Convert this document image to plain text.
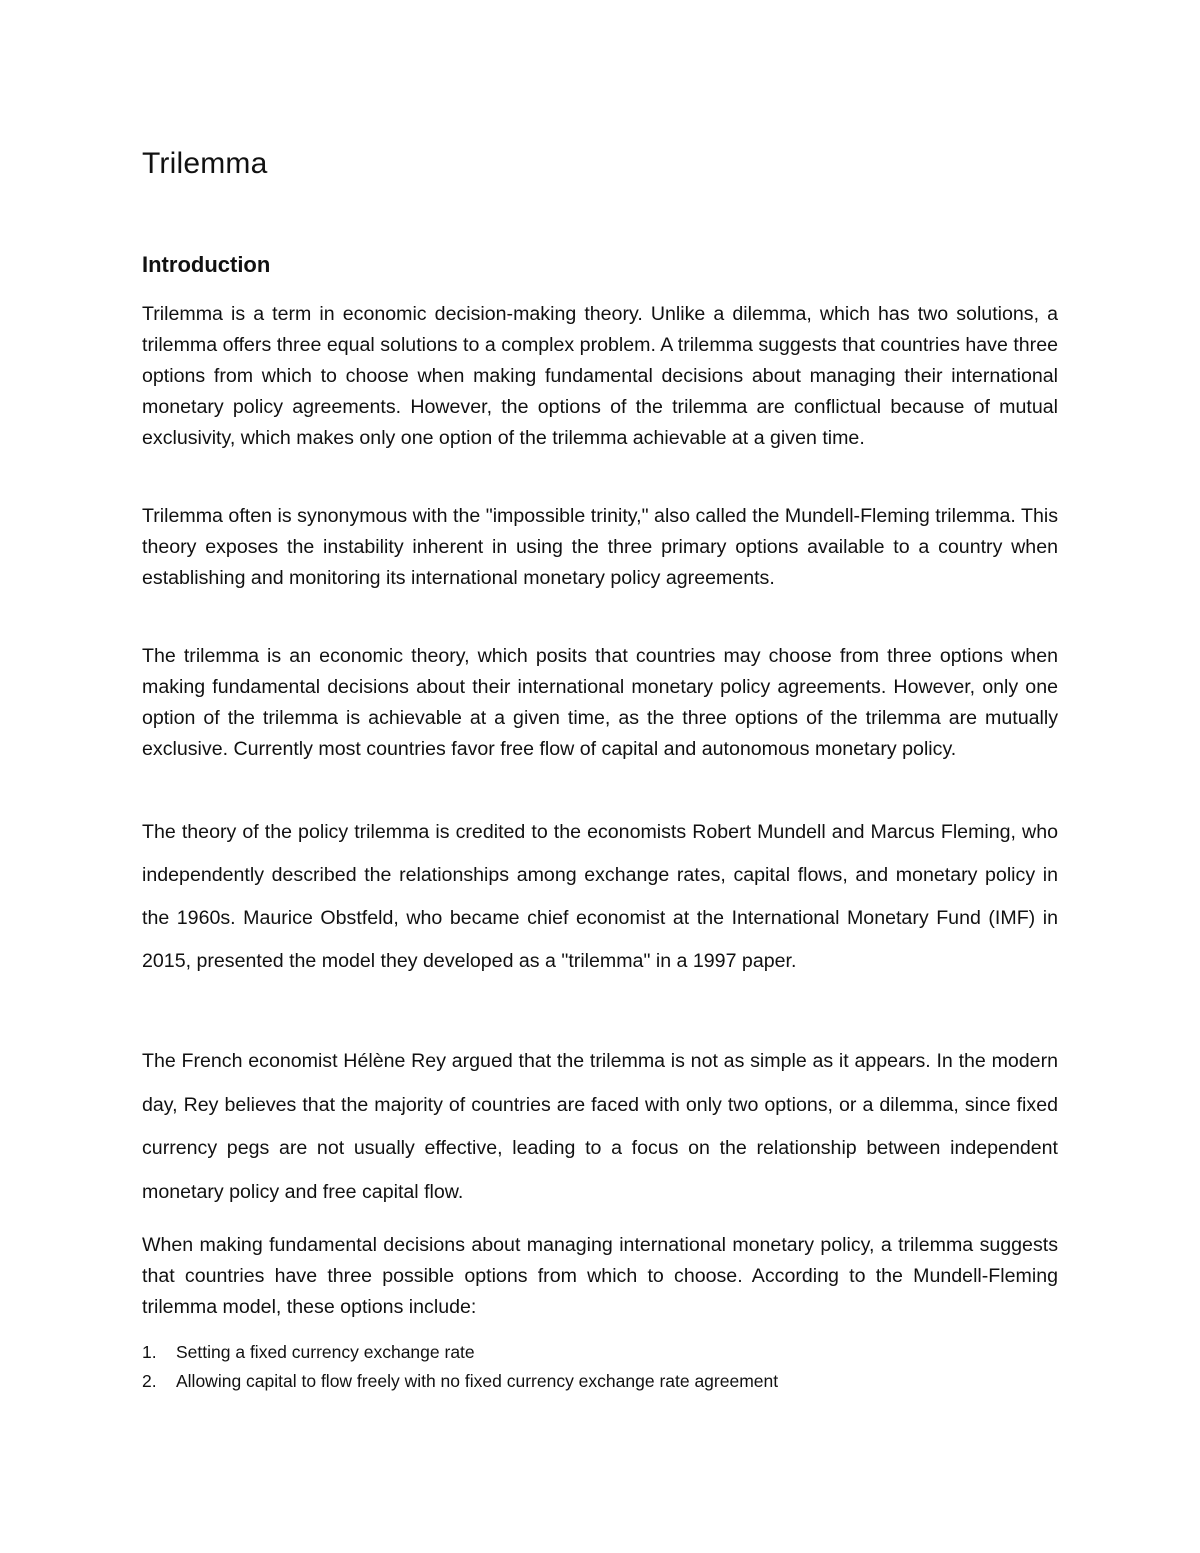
Trilemma
Introduction

Trilemma is a term in economic decision-making theory. Unlike a dilemma, which has two solutions, a trilemma offers three equal solutions to a complex problem. A trilemma suggests that countries have three options from which to choose when making fundamental decisions about managing their international monetary policy agreements. However, the options of the trilemma are conflictual because of mutual exclusivity, which makes only one option of the trilemma achievable at a given time.

Trilemma often is synonymous with the "impossible trinity," also called the Mundell-Fleming trilemma. This theory exposes the instability inherent in using the three primary options available to a country when establishing and monitoring its international monetary policy agreements.

The trilemma is an economic theory, which posits that countries may choose from three options when making fundamental decisions about their international monetary policy agreements. However, only one option of the trilemma is achievable at a given time, as the three options of the trilemma are mutually exclusive. Currently most countries favor free flow of capital and autonomous monetary policy.

The theory of the policy trilemma is credited to the economists Robert Mundell and Marcus Fleming, who independently described the relationships among exchange rates, capital flows, and monetary policy in the 1960s. Maurice Obstfeld, who became chief economist at the International Monetary Fund (IMF) in 2015, presented the model they developed as a "trilemma" in a 1997 paper.

The French economist Hélène Rey argued that the trilemma is not as simple as it appears. In the modern day, Rey believes that the majority of countries are faced with only two options, or a dilemma, since fixed currency pegs are not usually effective, leading to a focus on the relationship between independent monetary policy and free capital flow.

When making fundamental decisions about managing international monetary policy, a trilemma suggests that countries have three possible options from which to choose. According to the Mundell-Fleming trilemma model, these options include:

1.	Setting a fixed currency exchange rate
2.	Allowing capital to flow freely with no fixed currency exchange rate agreement
